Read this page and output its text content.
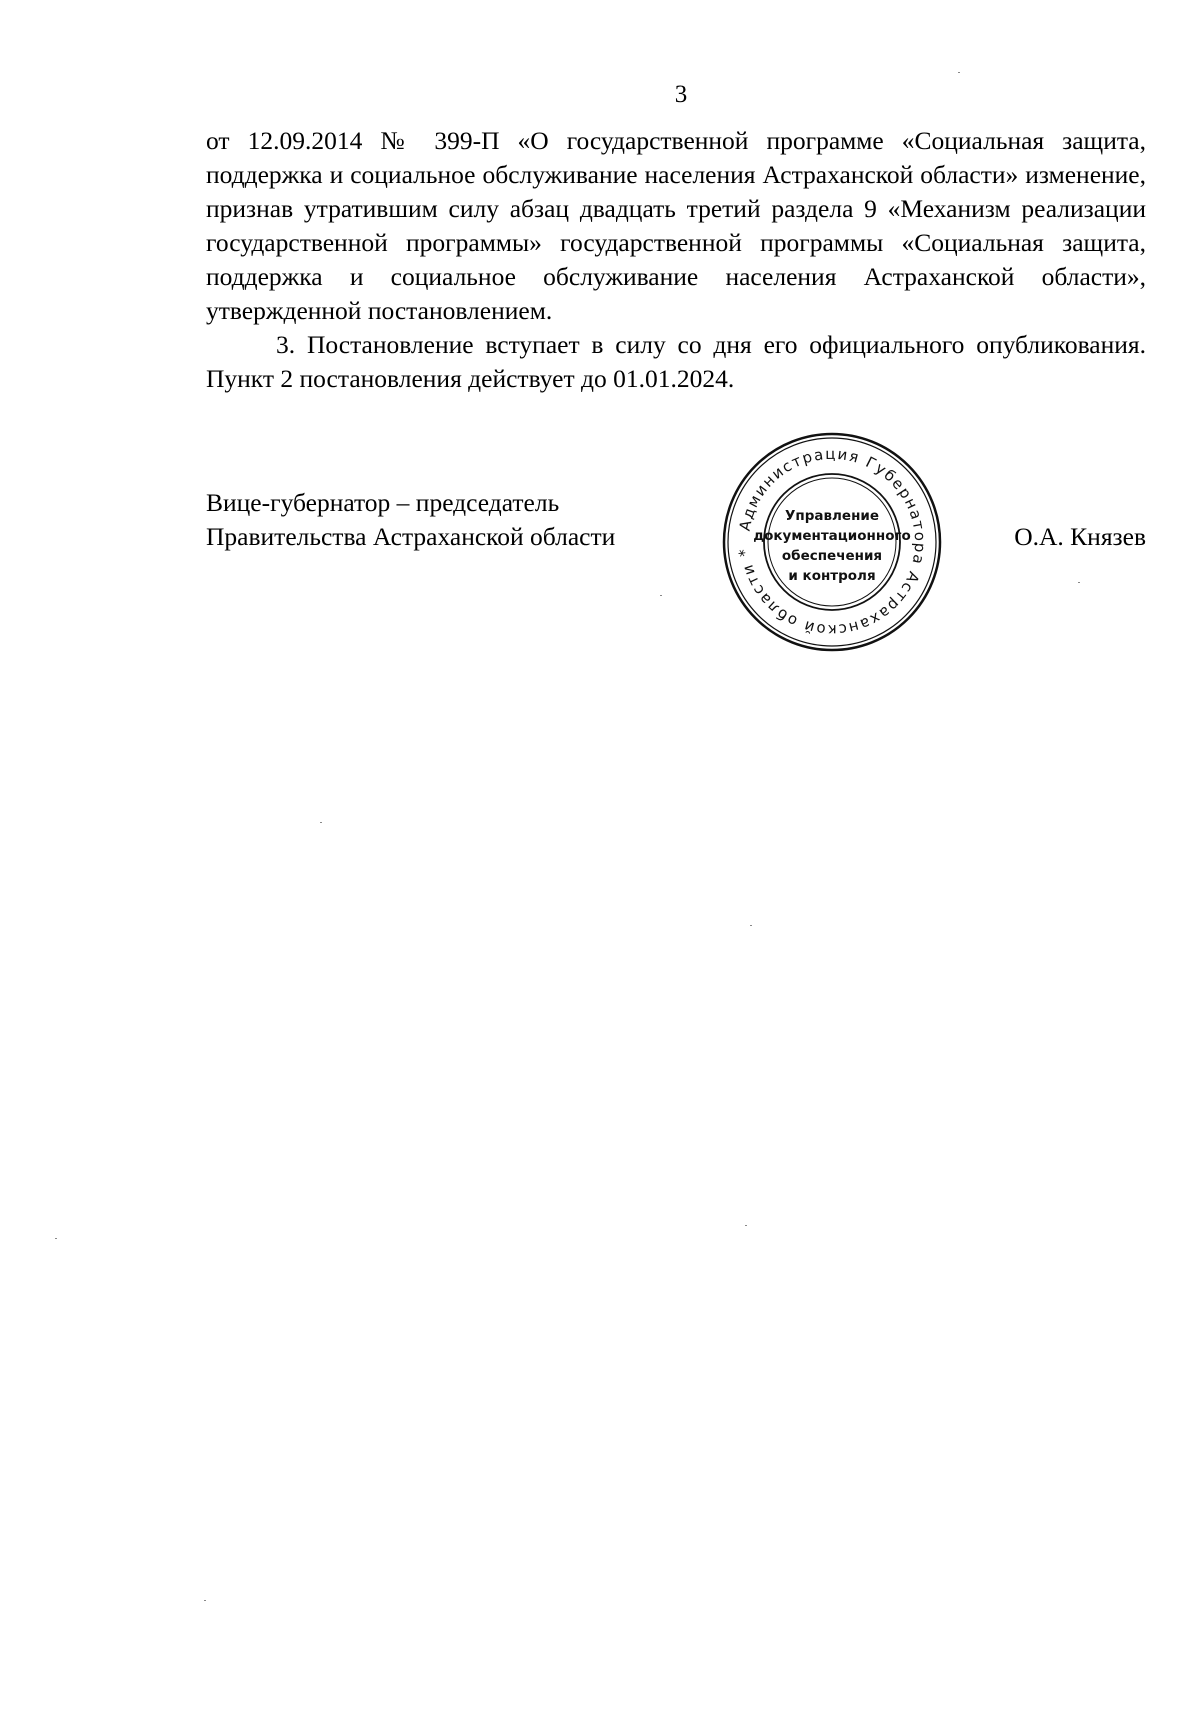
3

от 12.09.2014 № 399-П «О государственной программе «Социальная защита, поддержка и социальное обслуживание населения Астраханской области» изменение, признав утратившим силу абзац двадцать третий раздела 9 «Механизм реализации государственной программы» государственной программы «Социальная защита, поддержка и социальное обслуживание населения Астраханской области», утвержденной постановлением.

3. Постановление вступает в силу со дня его официального опубликования. Пункт 2 постановления действует до 01.01.2024.

Вице-губернатор – председатель
Правительства Астраханской области	О.А. Князев
Администрация Губернатора Астраханской области *
Управление
документационного
обеспечения
и контроля
